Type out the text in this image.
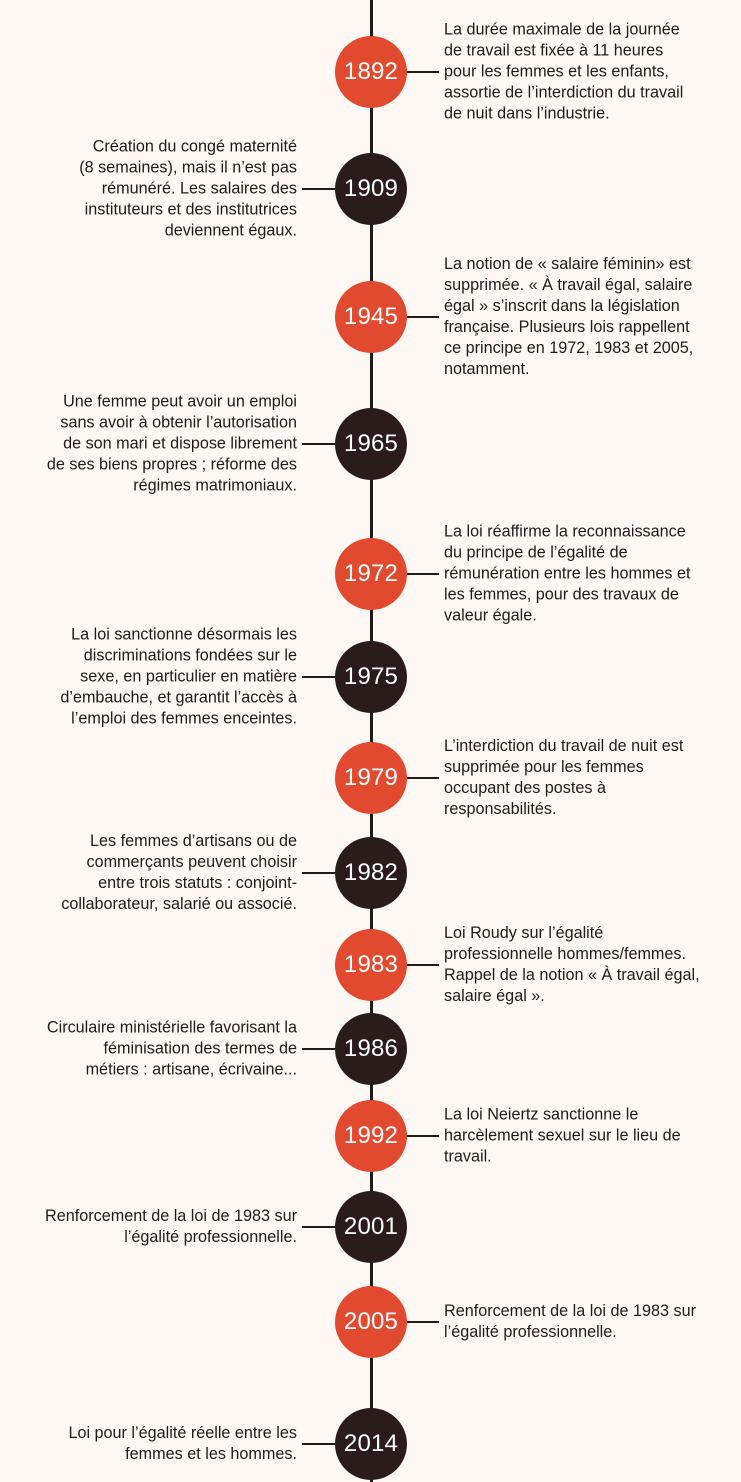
1892
La durée maximale de la journée
de travail est fixée à 11 heures
pour les femmes et les enfants,
assortie de l’interdiction du travail
de nuit dans l’industrie.
1909
Création du congé maternité
(8 semaines), mais il n’est pas
rémunéré. Les salaires des
instituteurs et des institutrices
deviennent égaux.
1945
La notion de « salaire féminin» est
supprimée. « À travail égal, salaire
égal » s’inscrit dans la législation
française. Plusieurs lois rappellent
ce principe en 1972, 1983 et 2005,
notamment.
1965
Une femme peut avoir un emploi
sans avoir à obtenir l’autorisation
de son mari et dispose librement
de ses biens propres ; réforme des
régimes matrimoniaux.
1972
La loi réaffirme la reconnaissance
du principe de l’égalité de
rémunération entre les hommes et
les femmes, pour des travaux de
valeur égale.
1975
La loi sanctionne désormais les
discriminations fondées sur le
sexe, en particulier en matière
d’embauche, et garantit l’accès à
l’emploi des femmes enceintes.
1979
L’interdiction du travail de nuit est
supprimée pour les femmes
occupant des postes à
responsabilités.
1982
Les femmes d’artisans ou de
commerçants peuvent choisir
entre trois statuts : conjoint-
collaborateur, salarié ou associé.
1983
Loi Roudy sur l’égalité
professionnelle hommes/femmes.
Rappel de la notion « À travail égal,
salaire égal ».
1986
Circulaire ministérielle favorisant la
féminisation des termes de
métiers : artisane, écrivaine...
1992
La loi Neiertz sanctionne le
harcèlement sexuel sur le lieu de
travail.
2001
Renforcement de la loi de 1983 sur
l’égalité professionnelle.
2005	Renforcement de la loi de 1983 sur
l’égalité professionnelle.
2014
Loi pour l’égalité réelle entre les
femmes et les hommes.
